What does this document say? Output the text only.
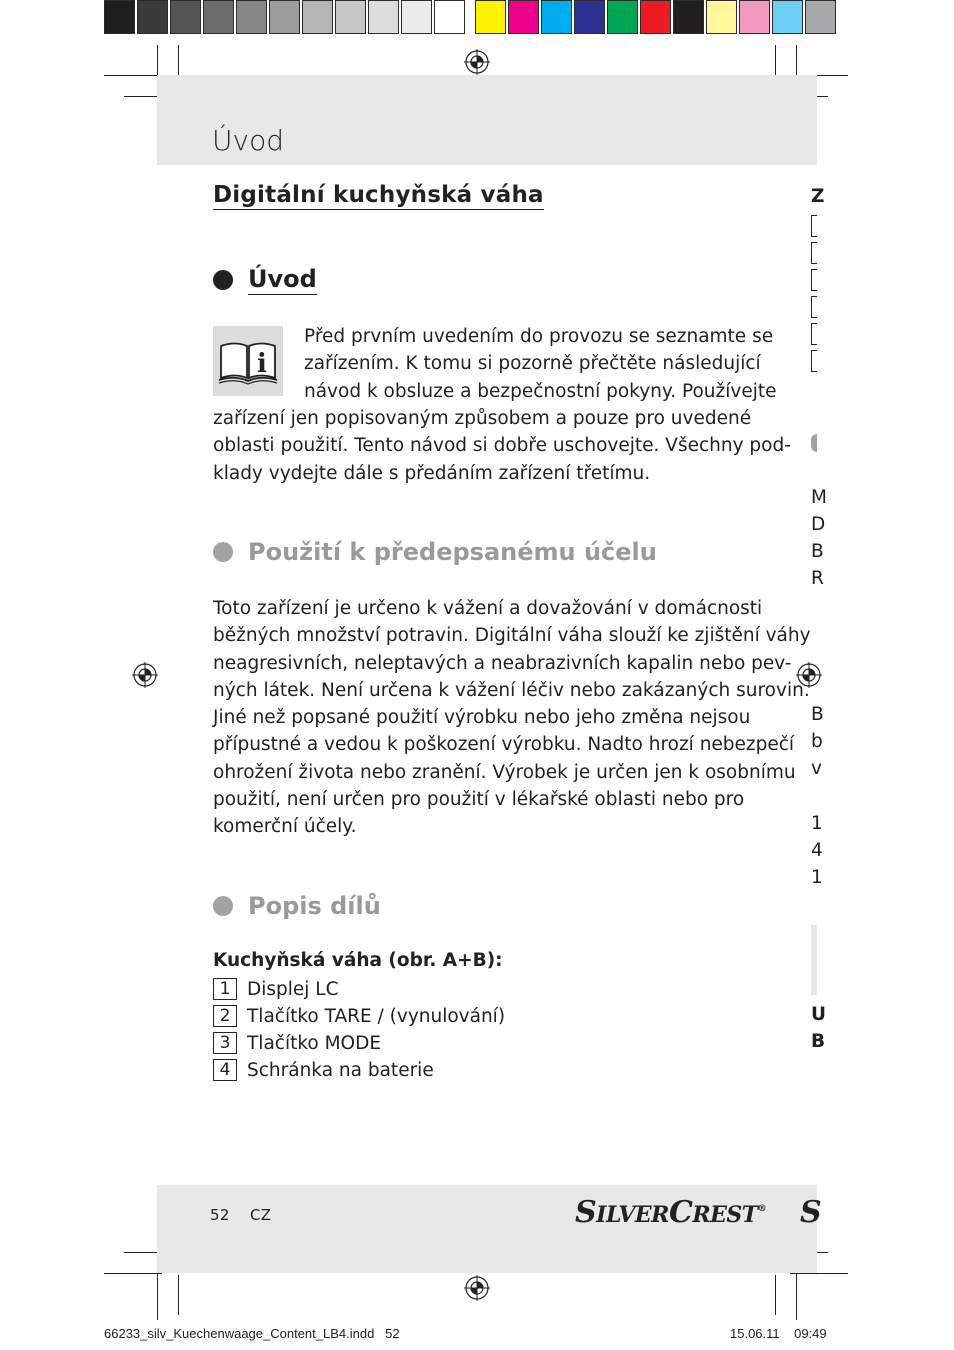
Úvod
Digitální kuchyňská váha
Úvod
i
Před prvním uvedením do provozu se seznamte se
zařízením. K tomu si pozorně přečtěte následující
návod k obsluze a bezpečnostní pokyny. Používejte
zařízení jen popisovaným způsobem a pouze pro uvedené
oblasti použití. Tento návod si dobře uschovejte. Všechny pod-
klady vydejte dále s předáním zařízení třetímu.
Použití k předepsanému účelu
Toto zařízení je určeno k vážení a dovažování v domácnosti
běžných množství potravin. Digitální váha slouží ke zjištění váhy
neagresivních, neleptavých a neabrazivních kapalin nebo pev-
ných látek. Není určena k vážení léčiv nebo zakázaných surovin.
Jiné než popsané použití výrobku nebo jeho změna nejsou
přípustné a vedou k poškození výrobku. Nadto hrozí nebezpečí
ohrožení života nebo zranění. Výrobek je určen jen k osobnímu
použití, není určen pro použití v lékařské oblasti nebo pro
komerční účely.
Popis dílů
Kuchyňská váha (obr. A+B):
1 Displej LC
2 Tlačítko TARE / (vynulování)
3 Tlačítko MODE
4 Schránka na baterie
Z
M
D
B
R
B
b
v
1
4
1
U
B
52 CZ	SILVERCREST® S
66233_silv_Kuechenwaage_Content_LB4.indd 52	15.06.11 09:49
